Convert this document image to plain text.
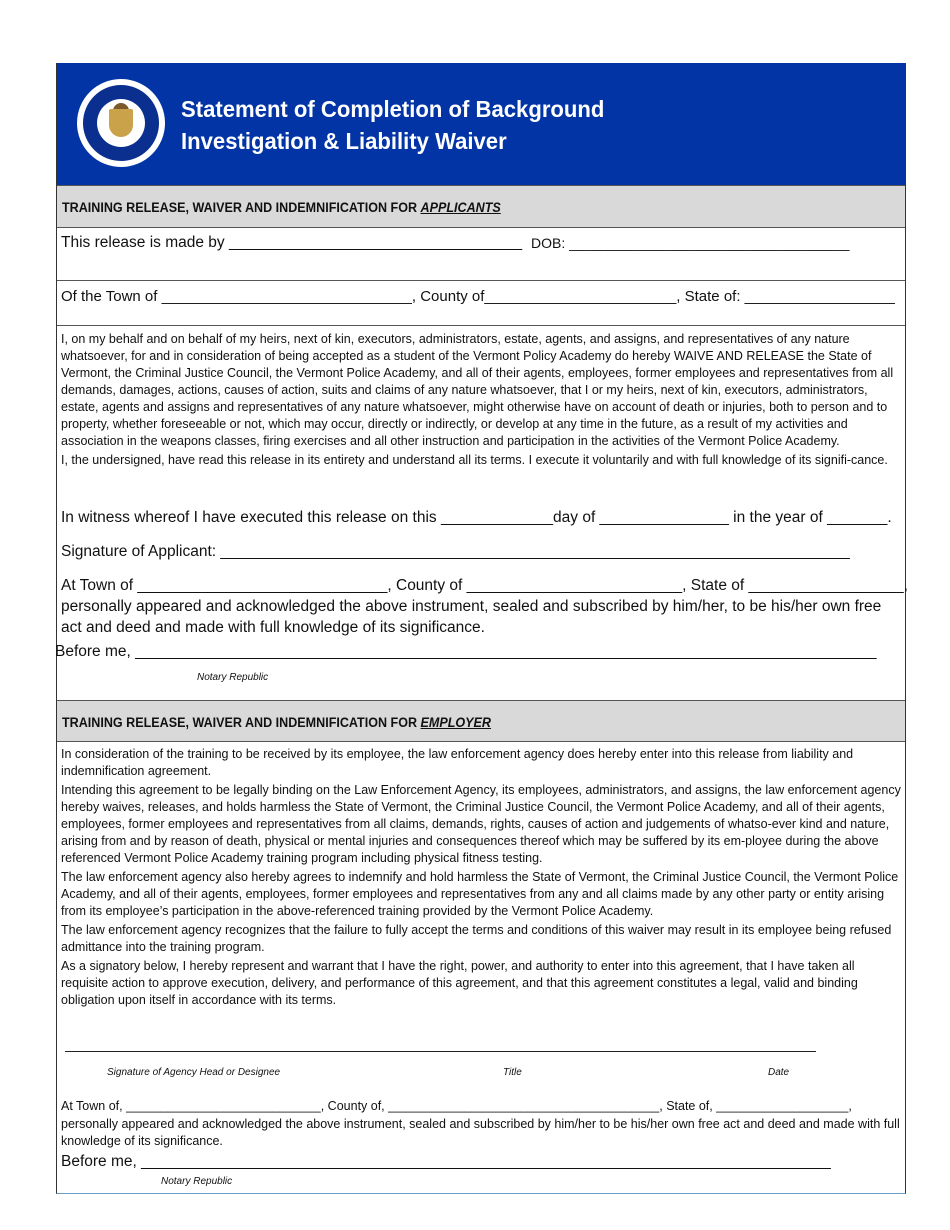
Statement of Completion of Background
Investigation & Liability Waiver
TRAINING RELEASE, WAIVER AND INDEMNIFICATION FOR APPLICANTS
This release is made by __________________________________ DOB: ____________________________________
Of the Town of ______________________________, County of_______________________, State of: __________________

I, on my behalf and on behalf of my heirs, next of kin, executors, administrators, estate, agents, and assigns, and representatives of any nature whatsoever, for and in consideration of being accepted as a student of the Vermont Policy Academy do hereby WAIVE AND RELEASE the State of Vermont, the Criminal Justice Council, the Vermont Police Academy, and all of their agents, employees, former employees and representatives from all demands, damages, actions, causes of action, suits and claims of any nature whatsoever, that I or my heirs, next of kin, executors, administrators, estate, agents and assigns and representatives of any nature whatsoever, might otherwise have on account of death or injuries, both to person and to property, whether foreseeable or not, which may occur, directly or indirectly, or develop at any time in the future, as a result of my activities and association in the weapons classes, firing exercises and all other instruction and participation in the activities of the Vermont Police Academy.

I, the undersigned, have read this release in its entirety and understand all its terms. I execute it voluntarily and with full knowledge of its signifi-cance.

In witness whereof I have executed this release on this _____________day of _______________ in the year of _______.
Signature of Applicant: _________________________________________________________________________
At Town of _____________________________, County of _________________________, State of __________________,
personally appeared and acknowledged the above instrument, sealed and subscribed by him/her, to be his/her own free
act and deed and made with full knowledge of its significance.
Before me, ______________________________________________________________________________________
Notary Republic
TRAINING RELEASE, WAIVER AND INDEMNIFICATION FOR EMPLOYER

In consideration of the training to be received by its employee, the law enforcement agency does hereby enter into this release from liability and indemnification agreement.

Intending this agreement to be legally binding on the Law Enforcement Agency, its employees, administrators, and assigns, the law enforcement agency hereby waives, releases, and holds harmless the State of Vermont, the Criminal Justice Council, the Vermont Police Academy, and all of their agents, employees, former employees and representatives from all claims, demands, rights, causes of action and judgements of whatso-ever kind and nature, arising from and by reason of death, physical or mental injuries and consequences thereof which may be suffered by its em-ployee during the above referenced Vermont Police Academy training program including physical fitness testing.

The law enforcement agency also hereby agrees to indemnify and hold harmless the State of Vermont, the Criminal Justice Council, the Vermont Police Academy, and all of their agents, employees, former employees and representatives from any and all claims made by any other party or entity arising from its employee’s participation in the above-referenced training provided by the Vermont Police Academy.

The law enforcement agency recognizes that the failure to fully accept the terms and conditions of this waiver may result in its employee being refused admittance into the training program.

As a signatory below, I hereby represent and warrant that I have the right, power, and authority to enter into this agreement, that I have taken all requisite action to approve execution, delivery, and performance of this agreement, and that this agreement constitutes a legal, valid and binding obligation upon itself in accordance with its terms.

Signature of Agency Head or Designee	Title	Date
At Town of, ____________________________, County of, _______________________________________, State of, ___________________,

personally appeared and acknowledged the above instrument, sealed and subscribed by him/her to be his/her own free act and deed and made with full knowledge of its significance.

Before me, ________________________________________________________________________________
Notary Republic
